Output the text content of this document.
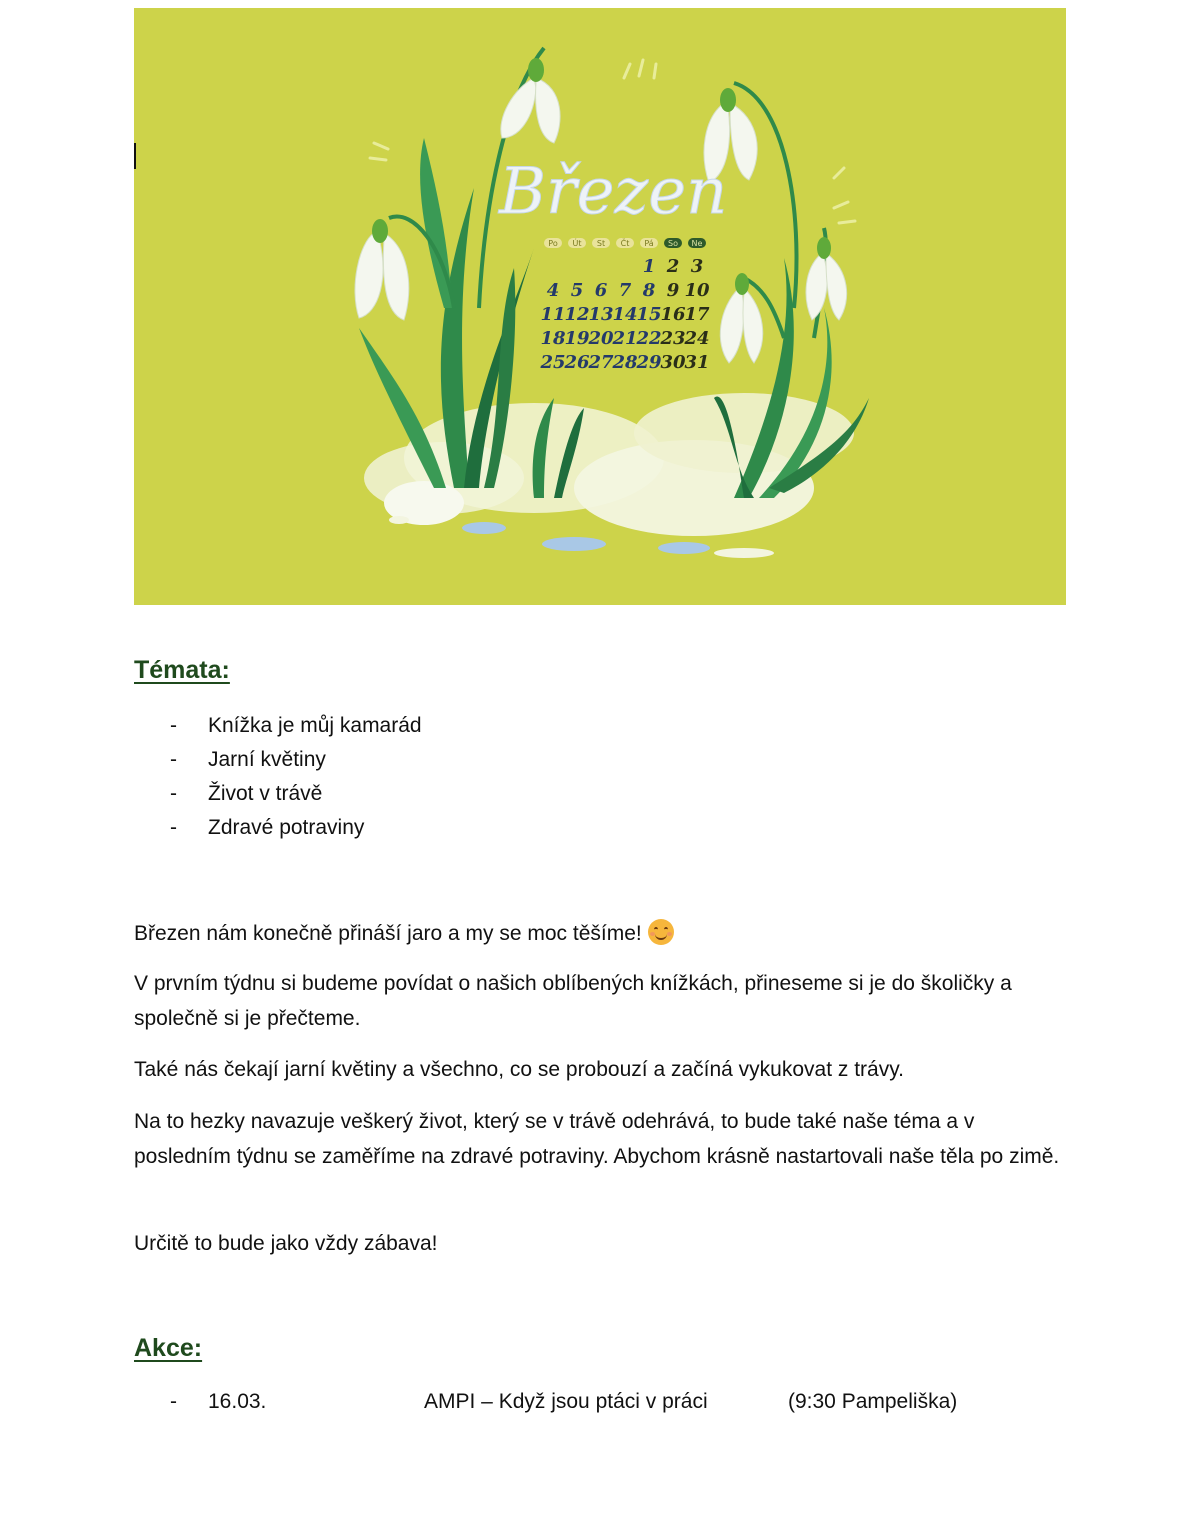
Březen
Po Út St Čt Pá So Ne
1 2 3
4 5 6 7 8 9 10
11
12
13
14
15
16
17
18
19
20
21
22
23
24
25
26
27
28
29
30
31
Témata:
- Knížka je můj kamarád
- Jarní květiny
- Život v trávě
- Zdravé potraviny

Březen nám konečně přináší jaro a my se moc těšíme!

V prvním týdnu si budeme povídat o našich oblíbených knížkách, přineseme si je do školičky a společně si je přečteme.

Také nás čekají jarní květiny a všechno, co se probouzí a začíná vykukovat z trávy.

Na to hezky navazuje veškerý život, který se v trávě odehrává, to bude také naše téma a v posledním týdnu se zaměříme na zdravé potraviny. Abychom krásně nastartovali naše těla po zimě.

Určitě to bude jako vždy zábava!

Akce:
- 16.03.	AMPI – Když jsou ptáci v práci	(9:30 Pampeliška)
